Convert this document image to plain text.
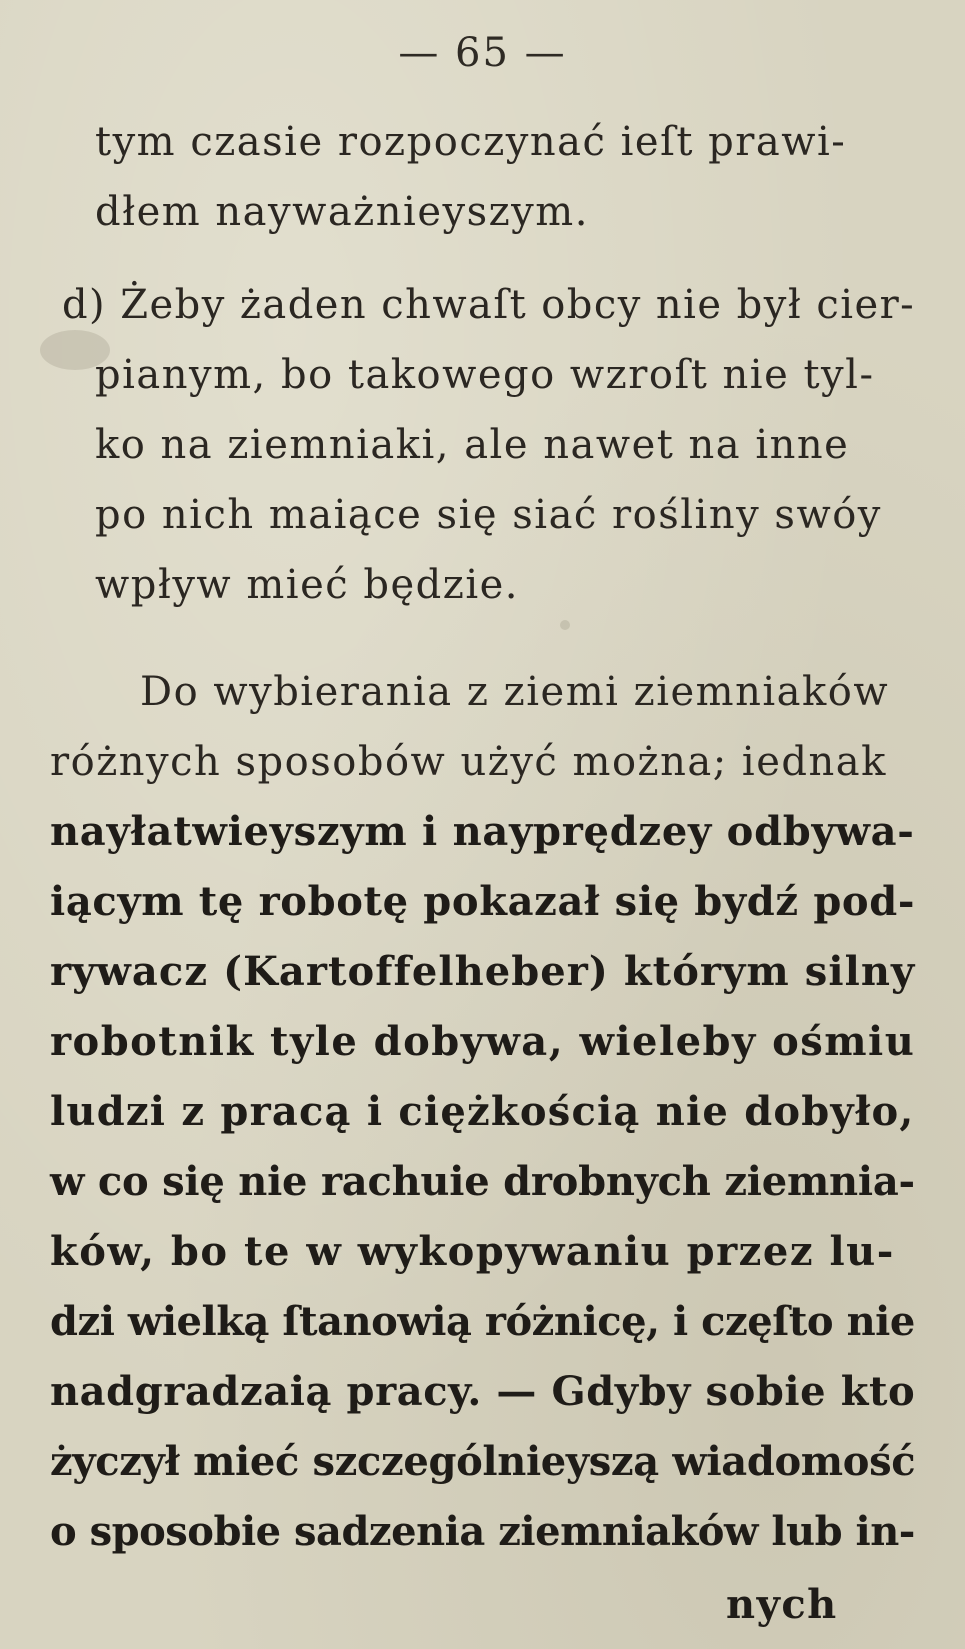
— 65 —
tym czasie rozpoczynać ieſt prawi-
dłem nayważnieyszym.
d) Żeby żaden chwaſt obcy nie był cier-
pianym, bo takowego wzroſt nie tyl-
ko na ziemniaki, ale nawet na inne
po nich maiące się siać rośliny swóy
wpływ mieć będzie.
Do wybierania z ziemi ziemniaków
różnych sposobów użyć można; iednak
nayłatwieyszym i nayprędzey odbywa-
iącym tę robotę pokazał się bydź pod-
rywacz (Kartoffelheber) którym silny
robotnik tyle dobywa, wieleby ośmiu
ludzi z pracą i ciężkością nie dobyło,
w co się nie rachuie drobnych ziemnia-
ków, bo te w wykopywaniu przez lu-
dzi wielką ſtanowią różnicę, i częſto nie
nadgradzaią pracy. — Gdyby sobie kto
życzył mieć szczególnieyszą wiadomość
o sposobie sadzenia ziemniaków lub in-
nych
